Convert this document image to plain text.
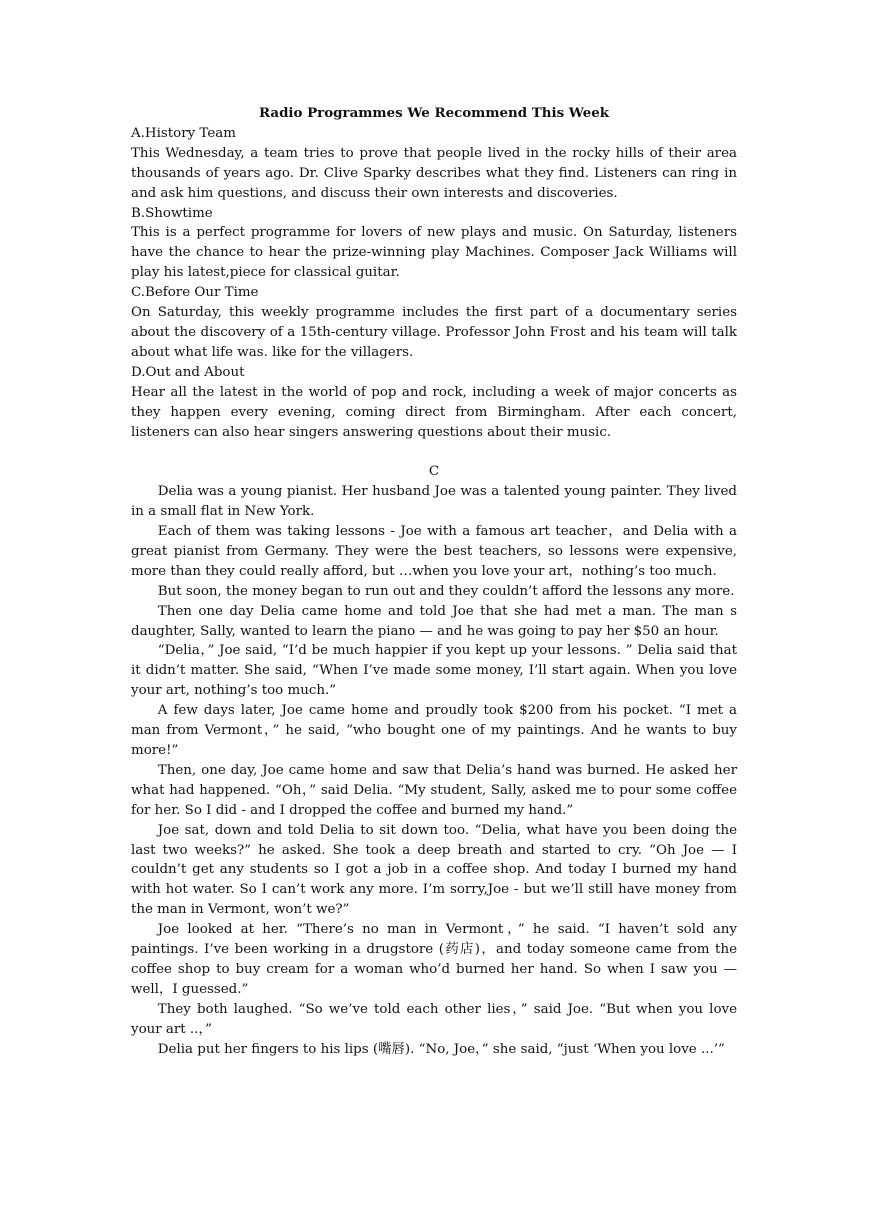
Radio Programmes We Recommend This Week

A.History Team

This Wednesday, a team tries to prove that people lived in the rocky hills of their area thousands of years ago. Dr. Clive Sparky describes what they find. Listeners can ring in and ask him questions, and discuss their own interests and discoveries.

B.Showtime

This is a perfect programme for lovers of new plays and music. On Saturday, listeners have the chance to hear the prize-winning play Machines. Composer Jack Williams will play his latest,piece for classical guitar.

C.Before Our Time

On Saturday, this weekly programme includes the first part of a documentary series about the discovery of a 15th-century village. Professor John Frost and his team will talk about what life was. like for the villagers.

D.Out and About

Hear all the latest in the world of pop and rock, including a week of major concerts as they happen every evening, coming direct from Birmingham. After each concert, listeners can also hear singers answering questions about their music.

C

Delia was a young pianist. Her husband Joe was a talented young painter. They lived in a small flat in New York.

Each of them was taking lessons - Joe with a famous art teacher，and Delia with a great pianist from Germany. They were the best teachers, so lessons were expensive, more than they could really afford, but …when you love your art，nothing’s too much.

But soon, the money began to run out and they couldn’t afford the lessons any more.

Then one day Delia came home and told Joe that she had met a man. The man s daughter, Sally, wanted to learn the piano — and he was going to pay her $50 an hour.

“Delia，” Joe said, “I’d be much happier if you kept up your lessons. ” Delia said that it didn’t matter. She said, “When I’ve made some money, I’ll start again. When you love your art, nothing’s too much.”

A few days later, Joe came home and proudly took $200 from his pocket. “I met a man from Vermont，” he said, “who bought one of my paintings. And he wants to buy more!”

Then, one day, Joe came home and saw that Delia’s hand was burned. He asked her what had happened. “Oh，” said Delia. “My student, Sally, asked me to pour some coffee for her. So I did - and I dropped the coffee and burned my hand.”

Joe sat, down and told Delia to sit down too. “Delia, what have you been doing the last two weeks?” he asked. She took a deep breath and started to cry. “Oh Joe — I couldn’t get any students so I got a job in a coffee shop. And today I burned my hand with hot water. So I can’t work any more. I’m sorry,Joe - but we’ll still have money from the man in Vermont, won’t we?”

Joe looked at her. “There’s no man in Vermont，” he said. “I haven’t sold any paintings. I’ve been working in a drugstore (药店)，and today someone came from the coffee shop to buy cream for a woman who’d burned her hand. So when I saw you — well，I guessed.”

They both laughed. “So we’ve told each other lies，” said Joe. “But when you love your art ..，”

Delia put her fingers to his lips (嘴唇). “No, Joe，” she said, “just ‘When you love ...’”
